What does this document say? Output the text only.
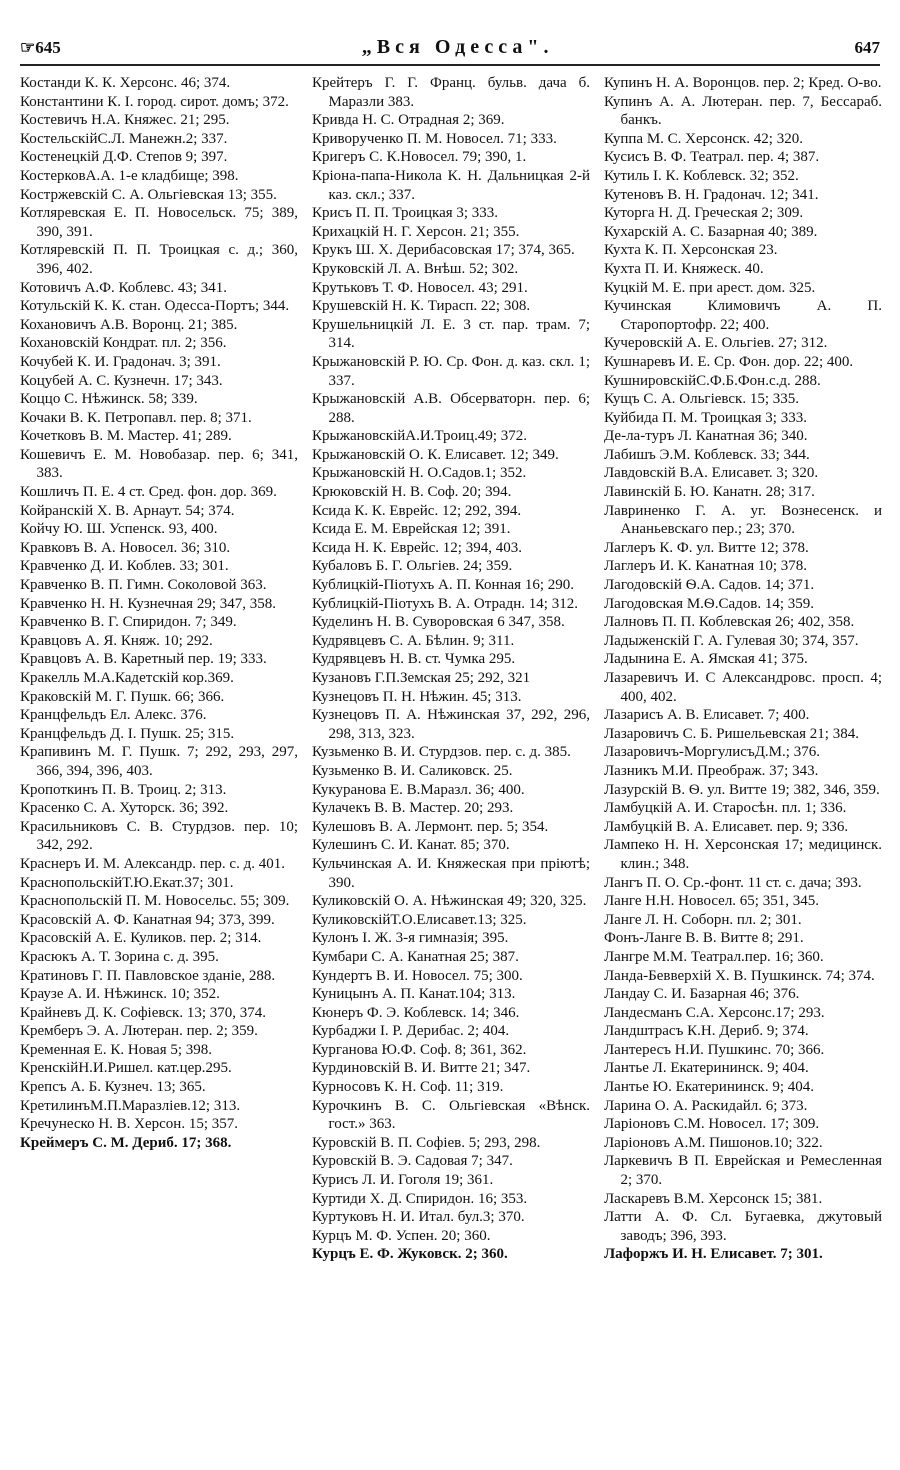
☞645	„Вся Одесса".	647
Костанди К. К. Херсонс. 46; 374.
Константини К. I. город. сирот. домъ; 372.
Костевичъ Н.А. Княжес. 21; 295.
КостельскійС.Л. Манежн.2; 337.
Костенецкій Д.Ф. Степов 9; 397.
КостерковA.А. 1-е кладбище; 398.
Костржевскій С. А. Ольгіевская 13; 355.
Котляревская Е. П. Новосельск. 75; 389, 390, 391.
Котляревскій П. П. Троицкая с. д.; 360, 396, 402.
Котовичъ А.Ф. Коблевс. 43; 341.
Котульскій К. К. стан. Одесса-Портъ; 344.
Кохановичъ А.В. Воронц. 21; 385.
Кохановскій Кондрат. пл. 2; 356.
Кочубей К. И. Градонач. 3; 391.
Коцубей А. С. Кузнечн. 17; 343.
Коццо С. Нѣжинск. 58; 339.
Кочаки В. К. Петропавл. пер. 8; 371.
Кочетковъ В. М. Мастер. 41; 289.
Кошевичъ Е. М. Новобазар. пер. 6; 341, 383.
Кошличъ П. Е. 4 ст. Сред. фон. дор. 369.
Койранскій Х. В. Арнаут. 54; 374.
Койчу Ю. Ш. Успенск. 93, 400.
Кравковъ В. А. Новосел. 36; 310.
Кравченко Д. И. Коблев. 33; 301.
Кравченко В. П. Гимн. Соколовой 363.
Кравченко Н. Н. Кузнечная 29; 347, 358.
Кравченко В. Г. Спиридон. 7; 349.
Кравцовъ А. Я. Княж. 10; 292.
Кравцовъ А. В. Каретный пер. 19; 333.
Кракелль М.А.Кадетскій кор.369.
Краковскій М. Г. Пушк. 66; 366.
Кранцфельдъ Ел. Алекс. 376.
Кранцфельдъ Д. I. Пушк. 25; 315.
Крапивинъ М. Г. Пушк. 7; 292, 293, 297, 366, 394, 396, 403.
Кропоткинъ П. В. Троиц. 2; 313.
Красенко С. А. Хуторск. 36; 392.
Красильниковъ С. В. Стурдзов. пер. 10; 342, 292.
Краснеръ И. М. Александр. пер. с. д. 401.
КраснопольскійТ.Ю.Екат.37; 301.
Краснопольскій П. М. Новосельс. 55; 309.
Красовскій А. Ф. Канатная 94; 373, 399.
Красовскій А. Е. Куликов. пер. 2; 314.
Красюкъ А. Т. Зорина с. д. 395.
Кратиновъ Г. П. Павловское зданіе, 288.
Краузе А. И. Нѣжинск. 10; 352.
Крайневъ Д. К. Софіевск. 13; 370, 374.
Кремберъ Э. А. Лютеран. пер. 2; 359.
Кременная Е. К. Новая 5; 398.
КренскійН.И.Ришел. кат.цер.295.
Крепсъ А. Б. Кузнеч. 13; 365.
КретилинъМ.П.Маразліев.12; 313.
Кречунеско Н. В. Херсон. 15; 357.
Креймеръ С. М. Дериб. 17; 368.
Крейтеръ Г. Г. Франц. бульв. дача б. Маразли 383.
Кривда Н. С. Отрадная 2; 369.
Криворученко П. М. Новосел. 71; 333.
Кригеръ С. К.Новосел. 79; 390, 1.
Кріона-папа-Никола К. Н. Дальницкая 2-й каз. скл.; 337.
Криcъ П. П. Троицкая 3; 333.
Крихацкій Н. Г. Херсон. 21; 355.
Крукъ Ш. Х. Дерибасовская 17; 374, 365.
Круковскій Л. А. Внѣш. 52; 302.
Крутьковъ Т. Ф. Новосел. 43; 291.
Крушевскій Н. К. Тирасп. 22; 308.
Крушельницкій Л. Е. 3 ст. пар. трам. 7; 314.
Крыжановскій Р. Ю. Ср. Фон. д. каз. скл. 1; 337.
Крыжановскій А.В. Обсерваторн. пер. 6; 288.
КрыжановскійА.И.Троиц.49; 372.
Крыжановскій О. К. Елисавет. 12; 349.
Крыжановскій Н. О.Садов.1; 352.
Крюковскій Н. В. Соф. 20; 394.
Ксида К. К. Еврейс. 12; 292, 394.
Ксида Е. М. Еврейская 12; 391.
Ксида Н. К. Еврейс. 12; 394, 403.
Кубаловъ Б. Г. Ольгіев. 24; 359.
Кублицкій-Піотухъ А. П. Конная 16; 290.
Кублицкій-Піотухъ В. А. Отрадн. 14; 312.
Куделинъ Н. В. Суворовская 6 347, 358.
Кудрявцевъ С. А. Бѣлин. 9; 311.
Кудрявцевъ Н. В. ст. Чумка 295.
Кузановъ Г.П.Земская 25; 292, 321
Кузнецовъ П. Н. Нѣжин. 45; 313.
Кузнецовъ П. А. Нѣжинская 37, 292, 296, 298, 313, 323.
Кузьменко В. И. Стурдзов. пер. с. д. 385.
Кузьменко В. И. Саликовск. 25.
Кукуранова Е. В.Маразл. 36; 400.
Кулачекъ В. В. Мастер. 20; 293.
Кулешовъ В. А. Лермонт. пер. 5; 354.
Кулешинъ С. И. Канат. 85; 370.
Кульчинская А. И. Княжеская при пріютѣ; 390.
Куликовскій О. А. Нѣжинская 49; 320, 325.
КуликовскійТ.О.Елисавет.13; 325.
Кулонъ I. Ж. 3-я гимназія; 395.
Кумбари С. А. Канатная 25; 387.
Кундертъ В. И. Новосел. 75; 300.
Куницынъ А. П. Канат.104; 313.
Кюнеръ Ф. Э. Коблевск. 14; 346.
Курбаджи I. Р. Дерибас. 2; 404.
Курганова Ю.Ф. Соф. 8; 361, 362.
Курдиновскій В. И. Витте 21; 347.
Курносовъ К. Н. Соф. 11; 319.
Курочкинъ В. С. Ольгіевская «Вѣнск. гост.» 363.
Куровскій В. П. Софіев. 5; 293, 298.
Куровскій В. Э. Садовая 7; 347.
Курисъ Л. И. Гоголя 19; 361.
Куртиди Х. Д. Спиридон. 16; 353.
Куртуковъ Н. И. Итал. бул.3; 370.
Курцъ М. Ф. Успен. 20; 360.
Курцъ Е. Ф. Жуковск. 2; 360.
Купинъ Н. А. Воронцов. пер. 2; Кред. О-во.
Купинъ А. А. Лютеран. пер. 7, Бессараб. банкъ.
Куппа М. С. Херсонск. 42; 320.
Кусисъ В. Ф. Театрал. пер. 4; 387.
Кутиль I. К. Коблевск. 32; 352.
Кутеновъ В. Н. Градонач. 12; 341.
Куторга Н. Д. Греческая 2; 309.
Кухарскій А. С. Базарная 40; 389.
Кухта К. П. Херсонская 23.
Кухта П. И. Княжеск. 40.
Куцкій М. Е. при арест. дом. 325.
Кучинская Климовичъ А. П. Старопортофр. 22; 400.
Кучеровскій А. Е. Ольгіев. 27; 312.
Кушнаревъ И. Е. Ср. Фон. дор. 22; 400.
КушнировскійС.Ф.Б.Фон.с.д. 288.
Кущъ С. А. Ольгіевск. 15; 335.
Куйбида П. М. Троицкая 3; 333.
Де-ла-туръ Л. Канатная 36; 340.
Лабишъ Э.М. Коблевск. 33; 344.
Лавдовскій В.А. Елисавет. 3; 320.
Лавинскій Б. Ю. Канатн. 28; 317.
Лавриненко Г. А. уг. Вознесенск. и Ананьевскаго пер.; 23; 370.
Лаглеръ К. Ф. ул. Витте 12; 378.
Лаглеръ И. К. Канатная 10; 378.
Лагодовскій Ѳ.А. Садов. 14; 371.
Лагодовская М.Ѳ.Садов. 14; 359.
Лалновъ П. П. Коблевская 26; 402, 358.
Ладыженскій Г. А. Гулевая 30; 374, 357.
Ладынина Е. А. Ямская 41; 375.
Лазаревичъ И. С Александровс. просп. 4; 400, 402.
Лазарисъ А. В. Елисавет. 7; 400.
Лазаровичъ С. Б. Ришельевская 21; 384.
Лазаровичъ-МоргулисъД.М.; 376.
Лазникъ М.И. Преображ. 37; 343.
Лазурскій В. Ѳ. ул. Витте 19; 382, 346, 359.
Ламбуцкій А. И. Старосѣн. пл. 1; 336.
Ламбуцкій В. А. Елисавет. пер. 9; 336.
Лампеко Н. Н. Херсонская 17; медицинск. клин.; 348.
Лангъ П. О. Ср.-фонт. 11 ст. с. дача; 393.
Ланге Н.Н. Новосел. 65; 351, 345.
Ланге Л. Н. Соборн. пл. 2; 301.
Фонъ-Ланге В. В. Витте 8; 291.
Лангре М.М. Театрал.пер. 16; 360.
Ланда-Бевверхій Х. В. Пушкинск. 74; 374.
Ландау С. И. Базарная 46; 376.
Ландесманъ С.А. Херсонс.17; 293.
Ландштрасъ К.Н. Дериб. 9; 374.
Лантересъ Н.И. Пушкинс. 70; 366.
Лантье Л. Екатерининск. 9; 404.
Лантье Ю. Екатерининск. 9; 404.
Ларина О. А. Раскидайл. 6; 373.
Ларіоновъ С.М. Новосел. 17; 309.
Ларіоновъ А.М. Пишонов.10; 322.
Ларкевичъ В П. Еврейская и Ремесленная 2; 370.
Ласкаревъ В.М. Херсонск 15; 381.
Латти А. Ф. Сл. Бугаевка, джутовый заводъ; 396, 393.
Лафоржъ И. Н. Елисавет. 7; 301.
